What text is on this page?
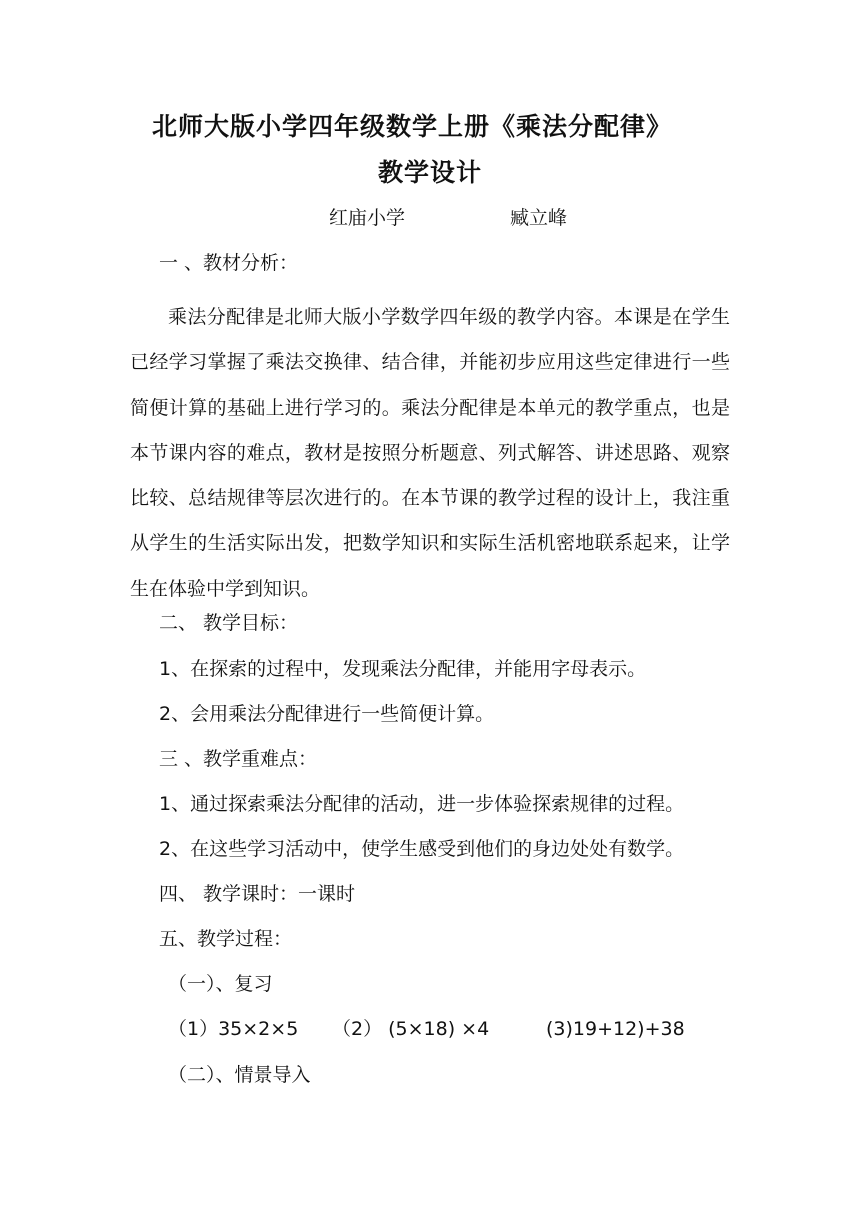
北师大版小学四年级数学上册《乘法分配律》
教学设计
红庙小学	臧立峰
一 、教材分析：
乘法分配律是北师大版小学数学四年级的教学内容。本课是在学生已经学习掌握了乘法交换律、结合律，并能初步应用这些定律进行一些简便计算的基础上进行学习的。乘法分配律是本单元的教学重点，也是本节课内容的难点，教材是按照分析题意、列式解答、讲述思路、观察比较、总结规律等层次进行的。在本节课的教学过程的设计上，我注重从学生的生活实际出发，把数学知识和实际生活机密地联系起来，让学生在体验中学到知识。
二、 教学目标：
1、在探索的过程中，发现乘法分配律，并能用字母表示。
2、会用乘法分配律进行一些简便计算。
三 、教学重难点：
1、通过探索乘法分配律的活动，进一步体验探索规律的过程。
2、在这些学习活动中，使学生感受到他们的身边处处有数学。
四、 教学课时：一课时
五、教学过程：
（一）、复习
（1）35×2×5 （2） (5×18) ×4	(3)19+12)+38
（二）、情景导入
